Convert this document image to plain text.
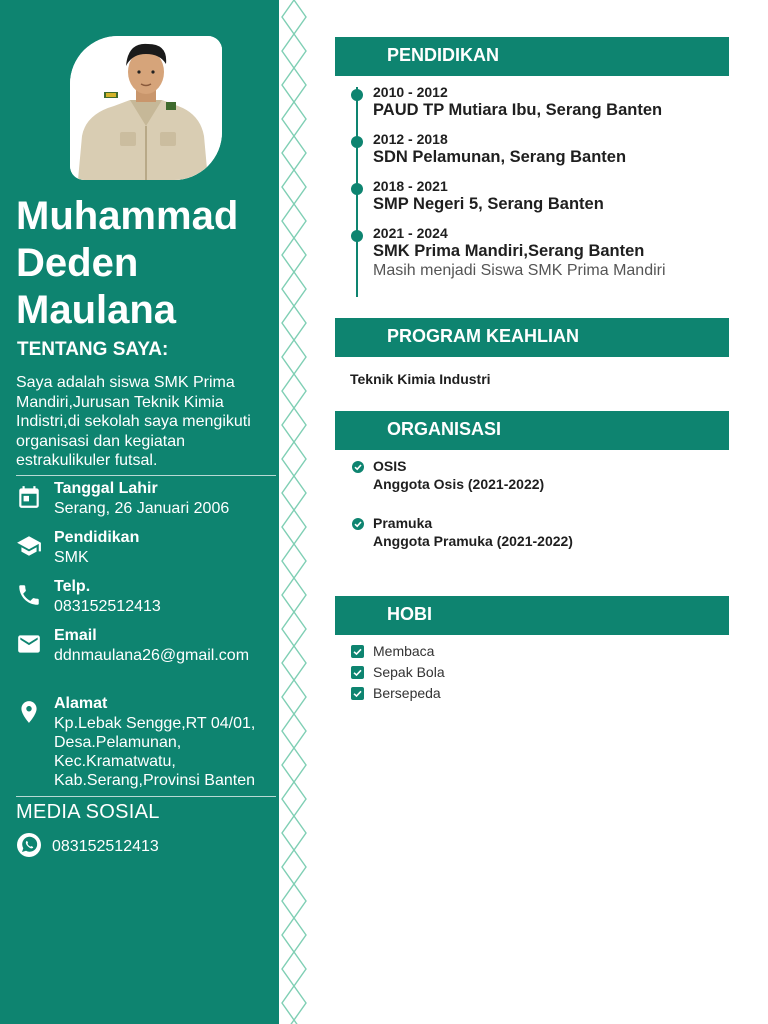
Muhammad
Deden
Maulana
TENTANG SAYA:
Saya adalah siswa SMK Prima Mandiri,Jurusan Teknik Kimia Indistri,di sekolah saya mengikuti organisasi dan kegiatan estrakulikuler futsal.
Tanggal Lahir
Serang, 26 Januari 2006
Pendidikan
SMK
Telp.
083152512413
Email
ddnmaulana26@gmail.com
Alamat
Kp.Lebak Sengge,RT 04/01, Desa.Pelamunan, Kec.Kramatwatu, Kab.Serang,Provinsi Banten
MEDIA SOSIAL
083152512413
PENDIDIKAN
2010 - 2012
PAUD TP Mutiara Ibu, Serang Banten
2012 - 2018
SDN Pelamunan, Serang Banten
2018 - 2021
SMP Negeri 5, Serang Banten
2021 - 2024
SMK Prima Mandiri,Serang Banten
Masih menjadi Siswa SMK Prima Mandiri
PROGRAM KEAHLIAN
Teknik Kimia Industri
ORGANISASI
OSIS
Anggota Osis (2021-2022)
Pramuka
Anggota Pramuka (2021-2022)
HOBI
Membaca
Sepak Bola
Bersepeda
